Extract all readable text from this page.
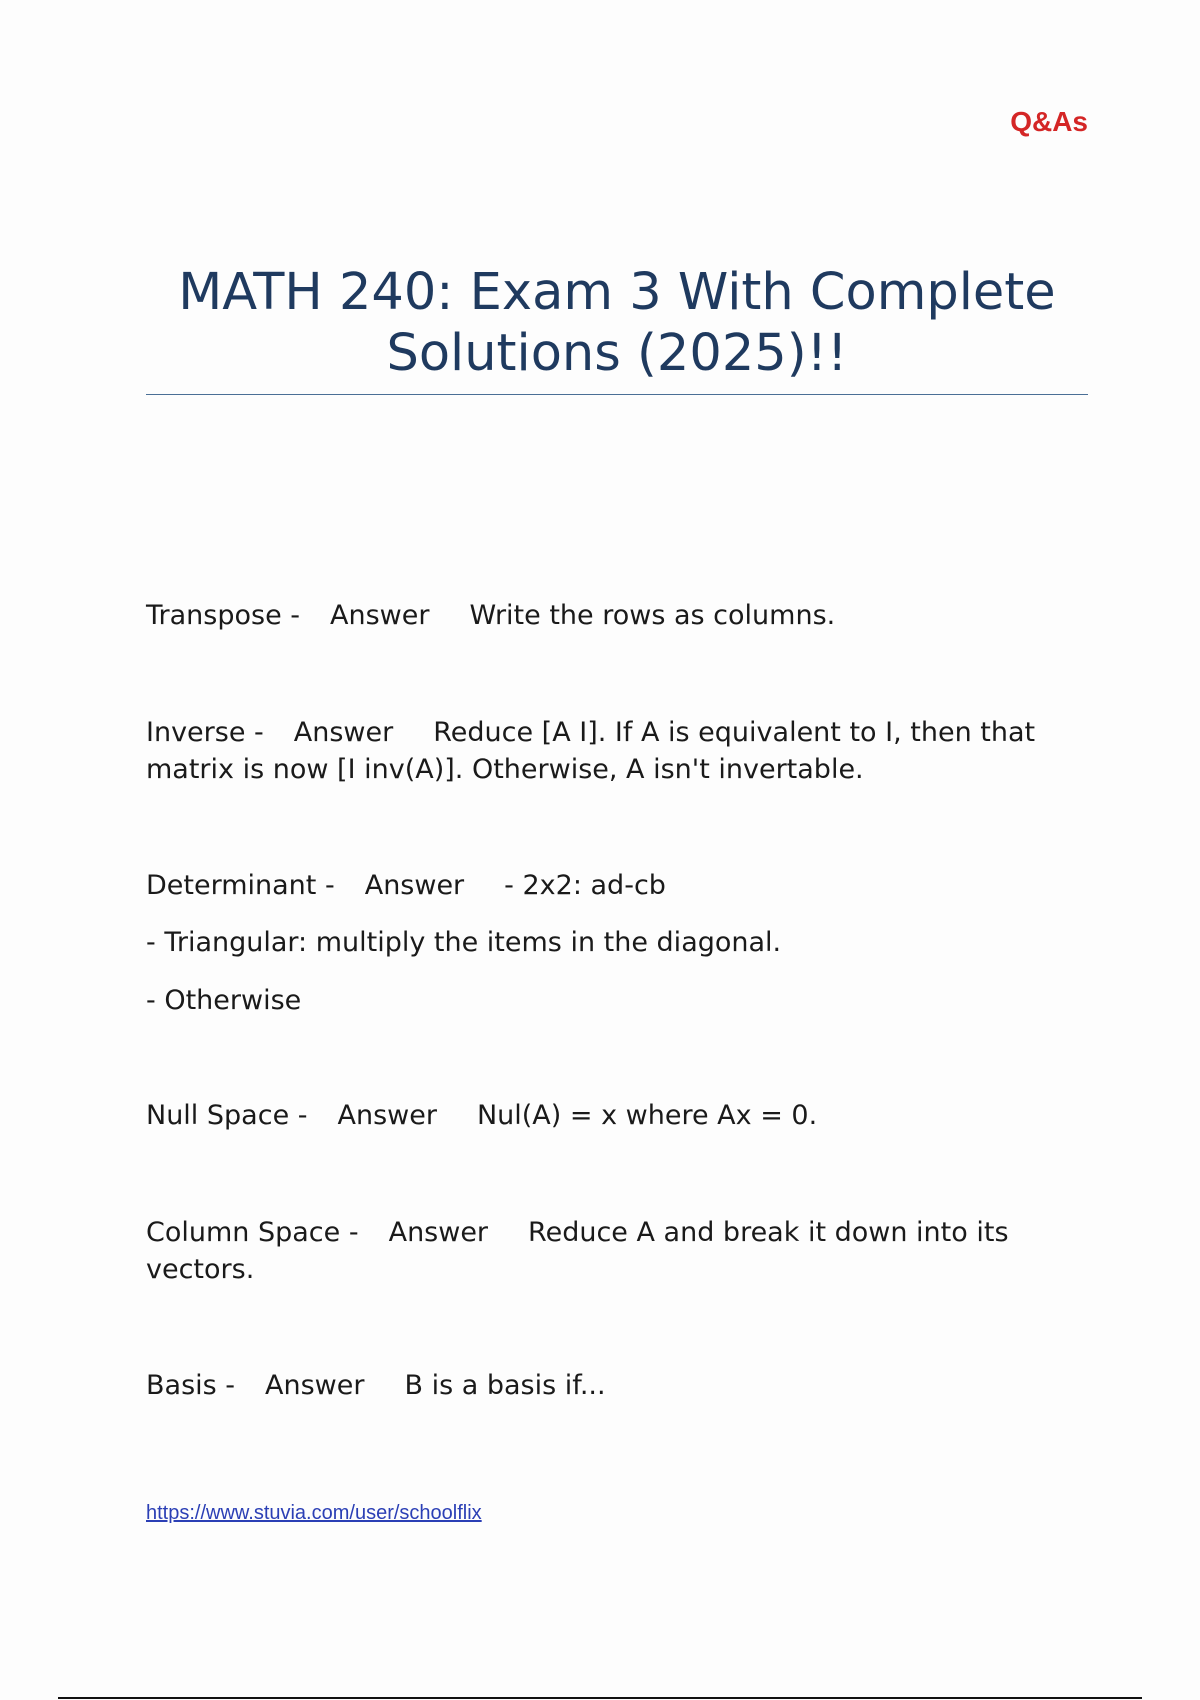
Q&As
MATH 240: Exam 3 With Complete Solutions (2025)!!
Transpose - Answer Write the rows as columns.
Inverse - Answer Reduce [A I]. If A is equivalent to I, then that matrix is now [I inv(A)]. Otherwise, A isn't invertable.
Determinant - Answer - 2x2: ad-cb
- Triangular: multiply the items in the diagonal.
- Otherwise
Null Space - Answer Nul(A) = x where Ax = 0.
Column Space - Answer Reduce A and break it down into its vectors.
Basis - Answer B is a basis if...
https://www.stuvia.com/user/schoolflix
